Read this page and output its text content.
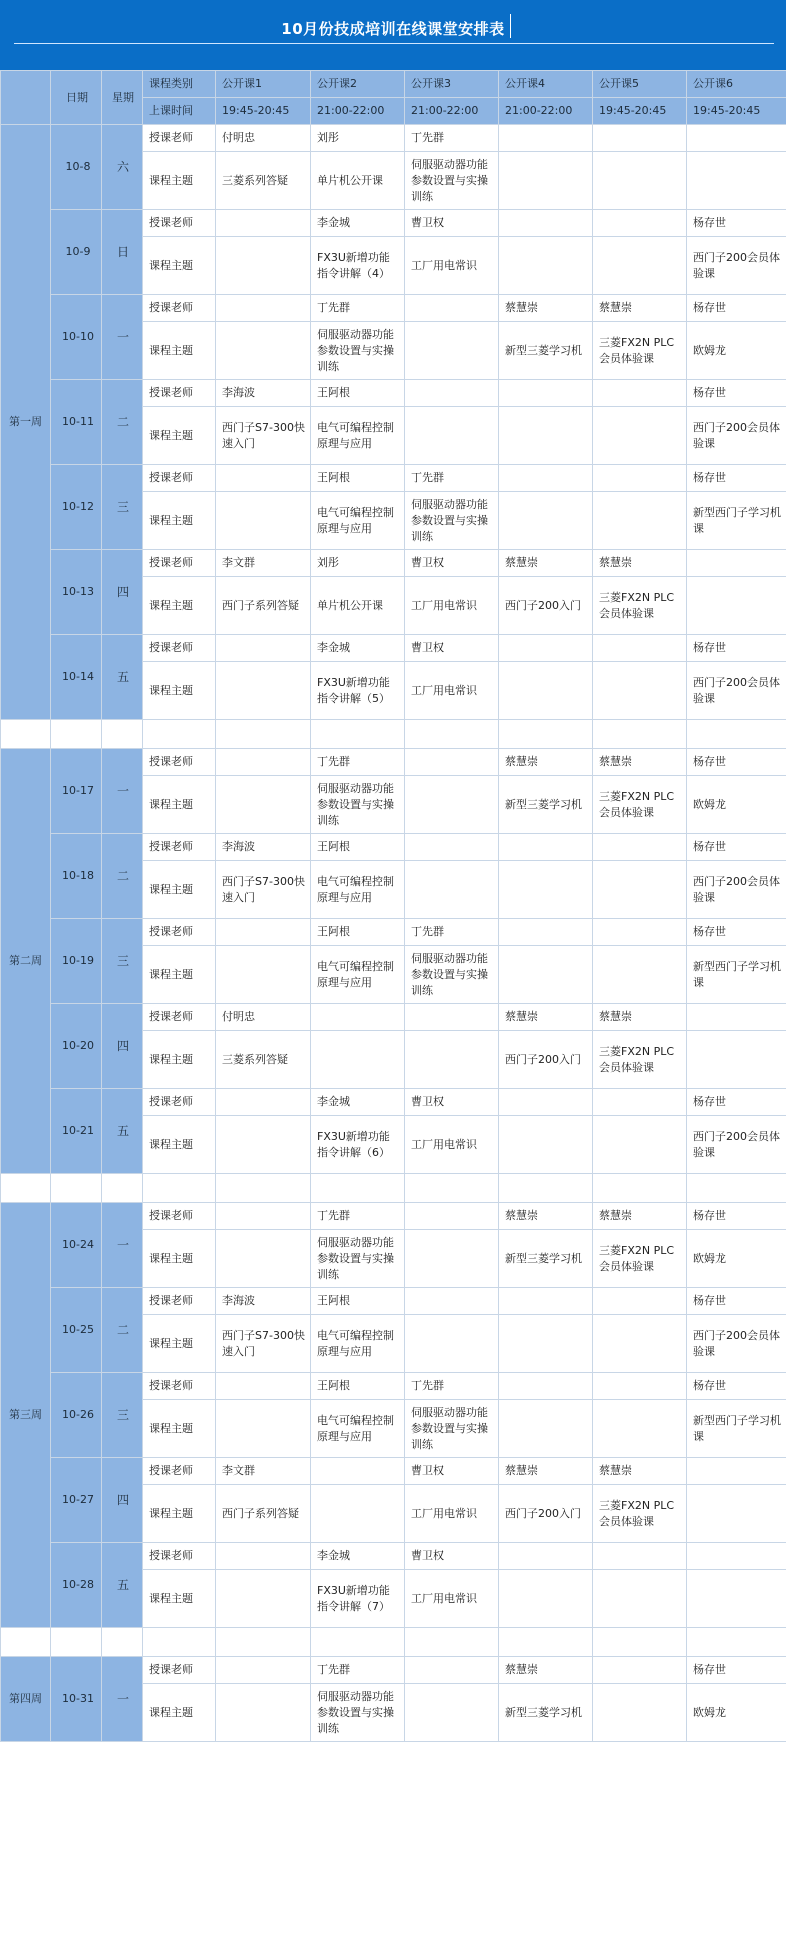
10月份技成培训在线课堂安排表
	日期	星期	课程类别	公开课1	公开课2	公开课3	公开课4	公开课5	公开课6
			上课时间	19:45-20:45	21:00-22:00	21:00-22:00	21:00-22:00	19:45-20:45	19:45-20:45
第一周	10-8	六	授课老师	付明忠	刘彤	丁先群			
			课程主题	三菱系列答疑	单片机公开课	伺服驱动器功能参数设置与实操训练			
	10-9	日	授课老师		李金城	曹卫权			杨存世
			课程主题		FX3U新增功能指令讲解（4）	工厂用电常识			西门子200会员体验课
	10-10	一	授课老师		丁先群		蔡慧崇	蔡慧崇	杨存世
			课程主题		伺服驱动器功能参数设置与实操训练		新型三菱学习机	三菱FX2N PLC会员体验课	欧姆龙
	10-11	二	授课老师	李海波	王阿根				杨存世
			课程主题	西门子S7-300快速入门	电气可编程控制原理与应用				西门子200会员体验课
	10-12	三	授课老师		王阿根	丁先群			杨存世
			课程主题		电气可编程控制原理与应用	伺服驱动器功能参数设置与实操训练			新型西门子学习机课
	10-13	四	授课老师	李文群	刘彤	曹卫权	蔡慧崇	蔡慧崇	
			课程主题	西门子系列答疑	单片机公开课	工厂用电常识	西门子200入门	三菱FX2N PLC会员体验课	
	10-14	五	授课老师		李金城	曹卫权			杨存世
			课程主题		FX3U新增功能指令讲解（5）	工厂用电常识			西门子200会员体验课

第二周	10-17	一	授课老师		丁先群		蔡慧崇	蔡慧崇	杨存世
			课程主题		伺服驱动器功能参数设置与实操训练		新型三菱学习机	三菱FX2N PLC会员体验课	欧姆龙
	10-18	二	授课老师	李海波	王阿根				杨存世
			课程主题	西门子S7-300快速入门	电气可编程控制原理与应用				西门子200会员体验课
	10-19	三	授课老师		王阿根	丁先群			杨存世
			课程主题		电气可编程控制原理与应用	伺服驱动器功能参数设置与实操训练			新型西门子学习机课
	10-20	四	授课老师	付明忠			蔡慧崇	蔡慧崇	
			课程主题	三菱系列答疑			西门子200入门	三菱FX2N PLC会员体验课	
	10-21	五	授课老师		李金城	曹卫权			杨存世
			课程主题		FX3U新增功能指令讲解（6）	工厂用电常识			西门子200会员体验课

第三周	10-24	一	授课老师		丁先群		蔡慧崇	蔡慧崇	杨存世
			课程主题		伺服驱动器功能参数设置与实操训练		新型三菱学习机	三菱FX2N PLC会员体验课	欧姆龙
	10-25	二	授课老师	李海波	王阿根				杨存世
			课程主题	西门子S7-300快速入门	电气可编程控制原理与应用				西门子200会员体验课
	10-26	三	授课老师		王阿根	丁先群			杨存世
			课程主题		电气可编程控制原理与应用	伺服驱动器功能参数设置与实操训练			新型西门子学习机课
	10-27	四	授课老师	李文群		曹卫权	蔡慧崇	蔡慧崇	
			课程主题	西门子系列答疑		工厂用电常识	西门子200入门	三菱FX2N PLC会员体验课	
	10-28	五	授课老师		李金城	曹卫权			
			课程主题		FX3U新增功能指令讲解（7）	工厂用电常识			

第四周	10-31	一	授课老师		丁先群		蔡慧崇		杨存世
			课程主题		伺服驱动器功能参数设置与实操训练		新型三菱学习机		欧姆龙
